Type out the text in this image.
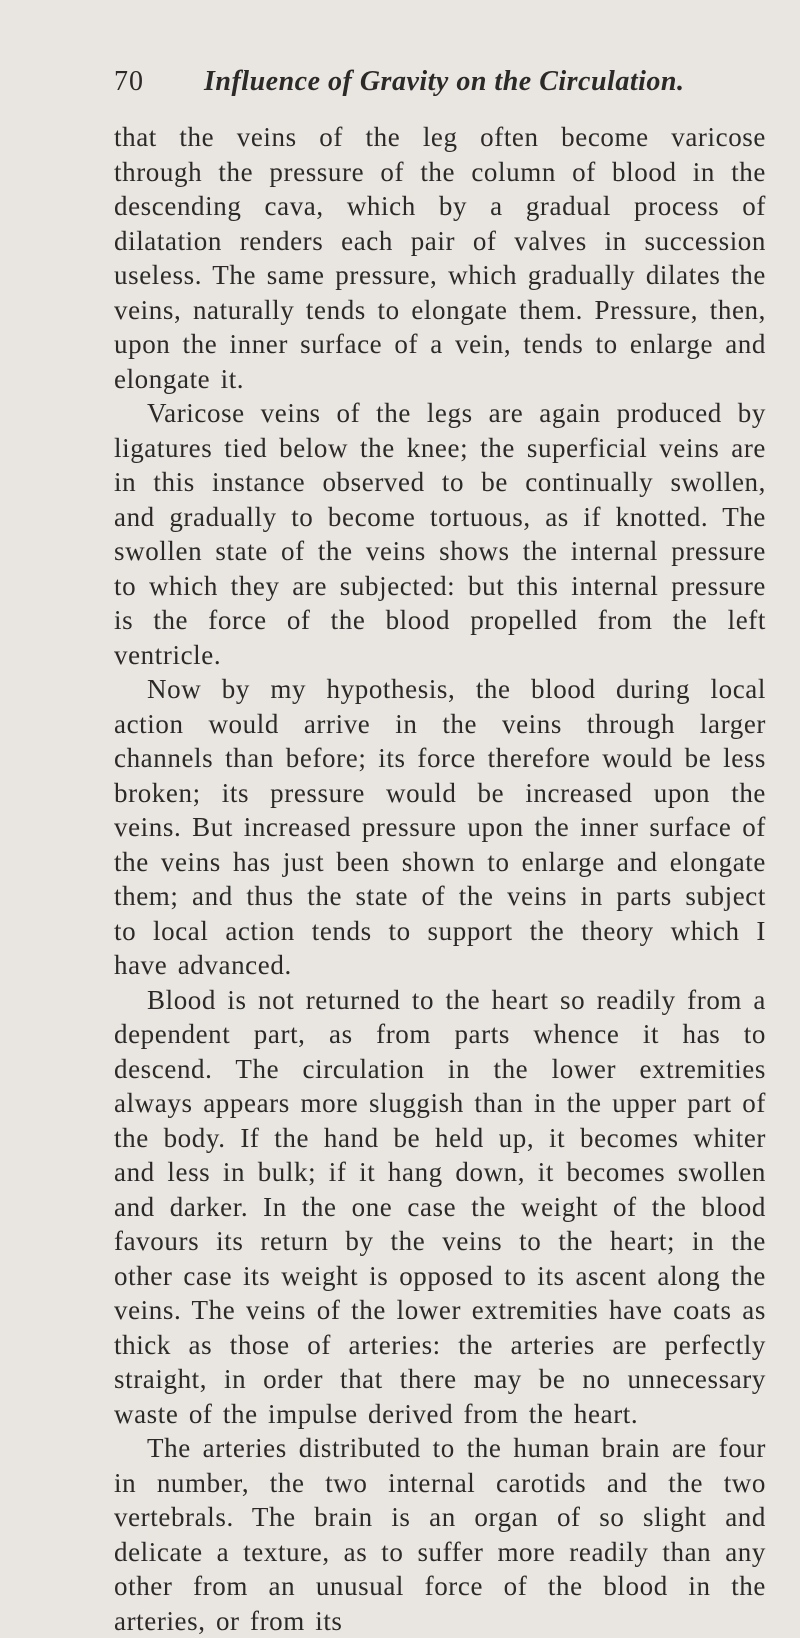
70 Influence of Gravity on the Circulation.

that the veins of the leg often become varicose through the pressure of the column of blood in the descending cava, which by a gradual process of dilatation renders each pair of valves in succession useless. The same pressure, which gradually dilates the veins, naturally tends to elongate them. Pressure, then, upon the inner surface of a vein, tends to enlarge and elongate it.

Varicose veins of the legs are again produced by ligatures tied below the knee; the superficial veins are in this instance observed to be continually swollen, and gradually to become tortuous, as if knotted. The swollen state of the veins shows the internal pressure to which they are subjected: but this internal pressure is the force of the blood propelled from the left ventricle.

Now by my hypothesis, the blood during local action would arrive in the veins through larger channels than before; its force therefore would be less broken; its pressure would be increased upon the veins. But increased pressure upon the inner surface of the veins has just been shown to enlarge and elongate them; and thus the state of the veins in parts subject to local action tends to support the theory which I have advanced.

Blood is not returned to the heart so readily from a dependent part, as from parts whence it has to descend. The circulation in the lower extremities always appears more sluggish than in the upper part of the body. If the hand be held up, it becomes whiter and less in bulk; if it hang down, it becomes swollen and darker. In the one case the weight of the blood favours its return by the veins to the heart; in the other case its weight is opposed to its ascent along the veins. The veins of the lower extremities have coats as thick as those of arteries: the arteries are perfectly straight, in order that there may be no unnecessary waste of the impulse derived from the heart.

The arteries distributed to the human brain are four in number, the two internal carotids and the two vertebrals. The brain is an organ of so slight and delicate a texture, as to suffer more readily than any other from an unusual force of the blood in the arteries, or from its
